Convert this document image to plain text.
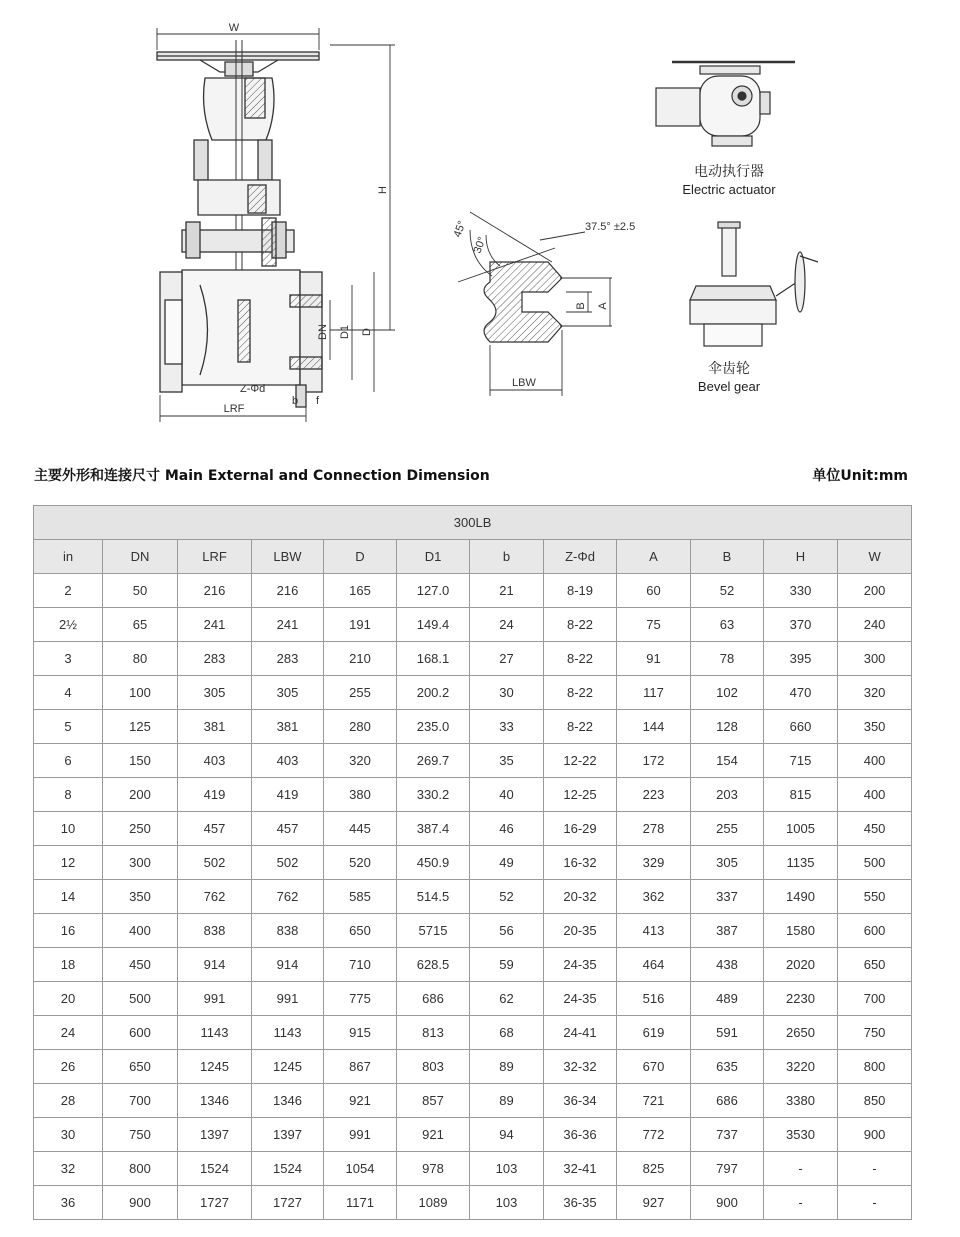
W
H
DN D1 D
Z-Φd
b f
LRF
45°
30°
37.5° ±2.5
B A
LBW
电动执行器
Electric actuator
伞齿轮
Bevel gear
主要外形和连接尺寸 Main External and Connection Dimension	单位Unit:mm
300LB											
in	DN	LRF	LBW	D	D1	b	Z-Φd	A	B	H	W
2	50	216	216	165	127.0	21	8-19	60	52	330	200
2½	65	241	241	191	149.4	24	8-22	75	63	370	240
3	80	283	283	210	168.1	27	8-22	91	78	395	300
4	100	305	305	255	200.2	30	8-22	117	102	470	320
5	125	381	381	280	235.0	33	8-22	144	128	660	350
6	150	403	403	320	269.7	35	12-22	172	154	715	400
8	200	419	419	380	330.2	40	12-25	223	203	815	400
10	250	457	457	445	387.4	46	16-29	278	255	1005	450
12	300	502	502	520	450.9	49	16-32	329	305	1135	500
14	350	762	762	585	514.5	52	20-32	362	337	1490	550
16	400	838	838	650	5715	56	20-35	413	387	1580	600
18	450	914	914	710	628.5	59	24-35	464	438	2020	650
20	500	991	991	775	686	62	24-35	516	489	2230	700
24	600	1143	1143	915	813	68	24-41	619	591	2650	750
26	650	1245	1245	867	803	89	32-32	670	635	3220	800
28	700	1346	1346	921	857	89	36-34	721	686	3380	850
30	750	1397	1397	991	921	94	36-36	772	737	3530	900
32	800	1524	1524	1054	978	103	32-41	825	797	-	-
36	900	1727	1727	1171	1089	103	36-35	927	900	-	-
